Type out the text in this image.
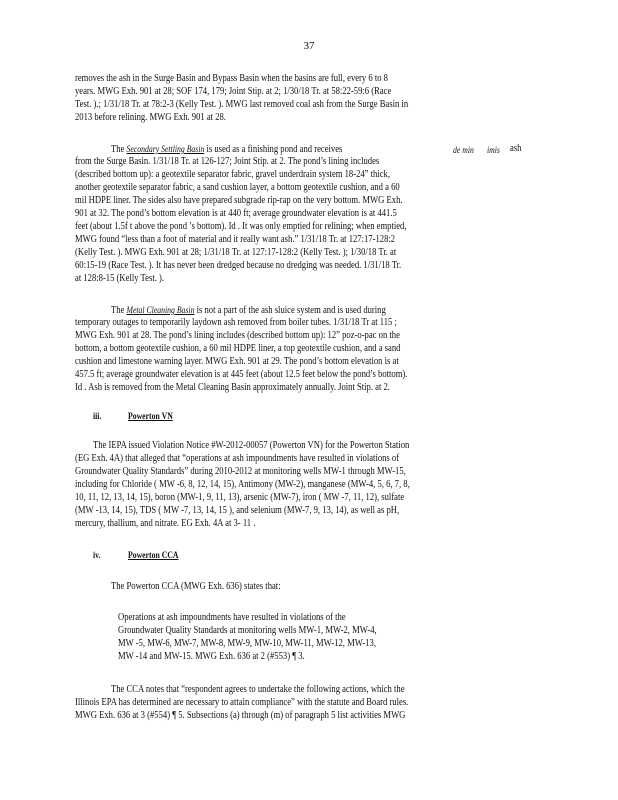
37
removes the ash in the Surge Basin and Bypass Basin when the basins are full, every 6 to 8
years. MWG Exh. 901 at 28; SOF 174, 179; Joint Stip. at 2; 1/30/18 Tr. at 58:22-59:6 (Race
Test. ).; 1/31/18 Tr. at 78:2-3 (Kelly Test. ). MWG last removed coal ash from the Surge Basin in
2013 before relining. MWG Exh. 901 at 28.
The Secondary Settling Basin is used as a finishing pond and receives	de min imis ash
from the Surge Basin. 1/31/18 Tr. at 126-127; Joint Stip. at 2. The pond’s lining includes
(described bottom up): a geotextile separator fabric, gravel underdrain system 18-24” thick,
another geotextile separator fabric, a sand cushion layer, a bottom geotextile cushion, and a 60
mil HDPE liner. The sides also have prepared subgrade rip-rap on the very bottom. MWG Exh.
901 at 32. The pond’s bottom elevation is at 440 ft; average groundwater elevation is at 441.5
feet (about 1.5f t above the pond ’s bottom). Id . It was only emptied for relining; when emptied,
MWG found “less than a foot of material and it really want ash.” 1/31/18 Tr. at 127:17-128:2
(Kelly Test. ). MWG Exh. 901 at 28; 1/31/18 Tr. at 127:17-128:2 (Kelly Test. ); 1/30/18 Tr. at
60:15-19 (Race Test. ). It has never been dredged because no dredging was needed. 1/31/18 Tr.
at 128:8-15 (Kelly Test. ).
The Metal Cleaning Basin is not a part of the ash sluice system and is used during
temporary outages to temporarily laydown ash removed from boiler tubes. 1/31/18 Tr at 115 ;
MWG Exh. 901 at 28. The pond’s lining includes (described bottom up): 12” poz-o-pac on the
bottom, a bottom geotextile cushion, a 60 mil HDPE liner, a top geotextile cushion, and a sand
cushion and limestone warning layer. MWG Exh. 901 at 29. The pond’s bottom elevation is at
457.5 ft; average groundwater elevation is at 445 feet (about 12.5 feet below the pond’s bottom).
Id . Ash is removed from the Metal Cleaning Basin approximately annually. Joint Stip. at 2.
iii.	Powerton VN
The IEPA issued Violation Notice #W-2012-00057 (Powerton VN) for the Powerton Station
(EG Exh. 4A) that alleged that “operations at ash impoundments have resulted in violations of
Groundwater Quality Standards” during 2010-2012 at monitoring wells MW-1 through MW-15,
including for Chloride ( MW -6, 8, 12, 14, 15), Antimony (MW-2), manganese (MW-4, 5, 6, 7, 8,
10, 11, 12, 13, 14, 15), boron (MW-1, 9, 11, 13), arsenic (MW-7), iron ( MW -7, 11, 12), sulfate
(MW -13, 14, 15), TDS ( MW -7, 13, 14, 15 ), and selenium (MW-7, 9, 13, 14), as well as pH,
mercury, thallium, and nitrate. EG Exh. 4A at 3- 11 .
iv.	Powerton CCA
The Powerton CCA (MWG Exh. 636) states that:
Operations at ash impoundments have resulted in violations of the
Groundwater Quality Standards at monitoring wells MW-1, MW-2, MW-4,
MW -5, MW-6, MW-7, MW-8, MW-9, MW-10, MW-11, MW-12, MW-13,
MW -14 and MW-15. MWG Exh. 636 at 2 (#553) ¶ 3.
The CCA notes that “respondent agrees to undertake the following actions, which the
Illinois EPA has determined are necessary to attain compliance” with the statute and Board rules.
MWG Exh. 636 at 3 (#554) ¶ 5. Subsections (a) through (m) of paragraph 5 list activities MWG
